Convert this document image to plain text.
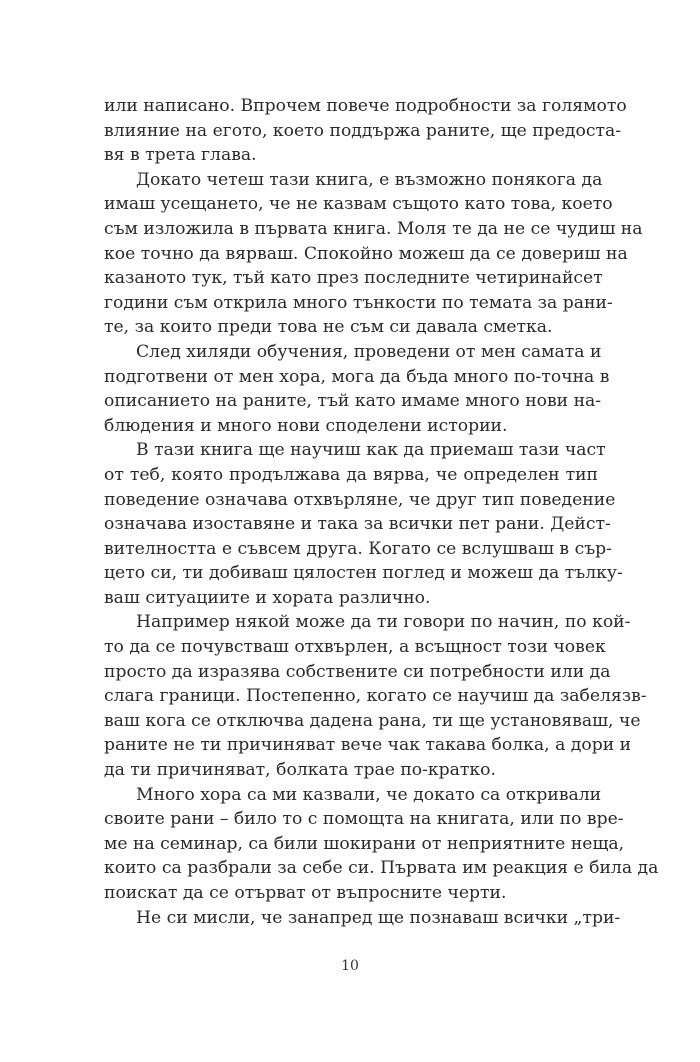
или написано. Впрочем повече подробности за голямото
влияние на егото, което поддържа раните, ще предоста-
вя в трета глава.
Докато четеш тази книга, е възможно понякога да
имаш усещането, че не казвам същото като това, което
съм изложила в първата книга. Моля те да не се чудиш на
кое точно да вярваш. Спокойно можеш да се довериш на
казаното тук, тъй като през последните четиринайсет
години съм открила много тънкости по темата за рани-
те, за които преди това не съм си давала сметка.
След хиляди обучения, проведени от мен самата и
подготвени от мен хора, мога да бъда много по-точна в
описанието на раните, тъй като имаме много нови на-
блюдения и много нови споделени истории.
В тази книга ще научиш как да приемаш тази част
от теб, която продължава да вярва, че определен тип
поведение означава отхвърляне, че друг тип поведение
означава изоставяне и така за всички пет рани. Дейст-
вителността е съвсем друга. Когато се вслушваш в сър-
цето си, ти добиваш цялостен поглед и можеш да тълку-
ваш ситуациите и хората различно.
Например някой може да ти говори по начин, по кой-
то да се почувстваш отхвърлен, а всъщност този човек
просто да изразява собствените си потребности или да
слага граници. Постепенно, когато се научиш да забелязв-
ваш кога се отключва дадена рана, ти ще установяваш, че
раните не ти причиняват вече чак такава болка, а дори и
да ти причиняват, болката трае по-кратко.
Много хора са ми казвали, че докато са откривали
своите рани – било то с помощта на книгата, или по вре-
ме на семинар, са били шокирани от неприятните неща,
които са разбрали за себе си. Първата им реакция е била да
поискат да се отърват от въпросните черти.
Не си мисли, че занапред ще познаваш всички „три-
10
